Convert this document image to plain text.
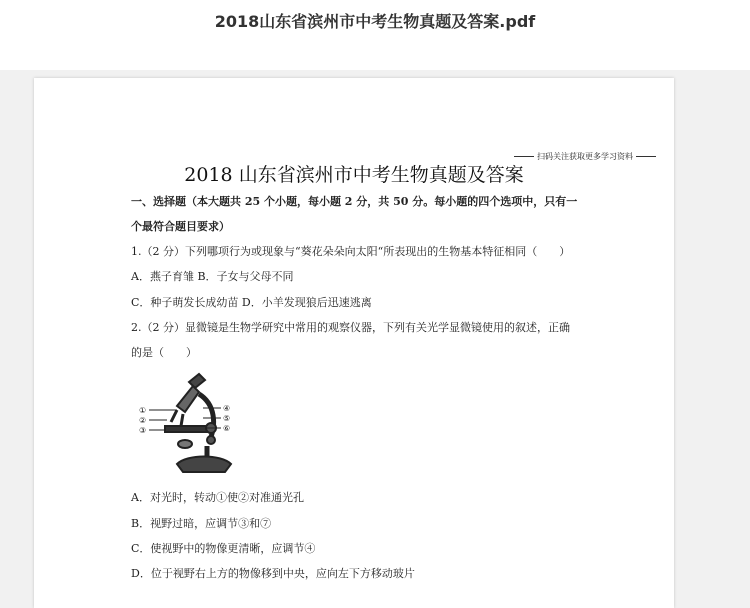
2018山东省滨州市中考生物真题及答案.pdf
扫码关注获取更多学习资料
2018 山东省滨州市中考生物真题及答案
一、选择题（本大题共 25 个小题，每小题 2 分，共 50 分。每小题的四个选项中，只有一
个最符合题目要求）
1.（2 分）下列哪项行为或现象与“葵花朵朵向太阳“所表现出的生物基本特征相同（　　）
A．燕子育雏 B．子女与父母不同
C．种子萌发长成幼苗 D．小羊发现狼后迅速逃离
2.（2 分）显微镜是生物学研究中常用的观察仪器，下列有关光学显微镜使用的叙述，正确
的是（　　）
①
②
③
④
⑤
⑥
A．对光时，转动①使②对准通光孔
B．视野过暗，应调节③和⑦
C．使视野中的物像更清晰，应调节④
D．位于视野右上方的物像移到中央，应向左下方移动玻片
